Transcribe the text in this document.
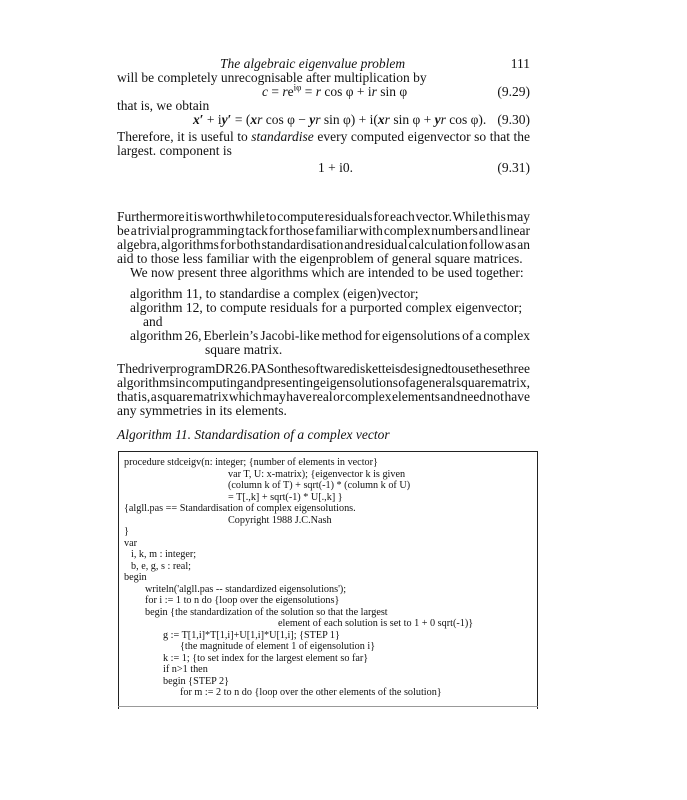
The algebraic eigenvalue problem	111
will be completely unrecognisable after multiplication by
$c = re^{i\varphi} = r$ cos φ + ir sin φ	(9.29)
that is, we obtain
x′ + iy′ = (xr cos φ − yr sin φ) + i(xr sin φ + yr cos φ). (9.30)
Therefore, it is useful to standardise every computed eigenvector so that the
largest. component is
1 + i0.	(9.31)
Furthermore it is worthwhile to compute residuals for each vector. While this may
be a trivial programming tack for those familiar with complex numbers and linear
algebra, algorithms for both standardisation and residual calculation follow as an
aid to those less familiar with the eigenproblem of general square matrices.
We now present three algorithms which are intended to be used together:
algorithm 11, to standardise a complex (eigen)vector;
algorithm 12, to compute residuals for a purported complex eigenvector;
and
algorithm 26, Eberlein’s Jacobi-like method for eigensolutions of a complex
square matrix.
The driver program DR26.PAS on the software diskette is designed to use these three
algorithms in computing and presenting eigensolutions of a general square matrix,
that is, a square matrix which may have real or complex elements and need not have
any symmetries in its elements.
Algorithm 11. Standardisation of a complex vector
procedure stdceigv(n: integer; {number of elements in vector}
var T, U: x-matrix); {eigenvector k is given
(column k of T) + sqrt(-1) * (column k of U)
= T[.,k] + sqrt(-1) * U[.,k] }
{algll.pas == Standardisation of complex eigensolutions.
Copyright 1988 J.C.Nash
}
var
i, k, m : integer;
b, e, g, s : real;
begin
writeln('algll.pas -- standardized eigensolutions');
for i := 1 to n do {loop over the eigensolutions}
begin {the standardization of the solution so that the largest
element of each solution is set to 1 + 0 sqrt(-1)}
g := T[1,i]*T[1,i]+U[1,i]*U[1,i]; {STEP 1}
{the magnitude of element 1 of eigensolution i}
k := 1; {to set index for the largest element so far}
if n>1 then
begin {STEP 2}
for m := 2 to n do {loop over the other elements of the solution}
